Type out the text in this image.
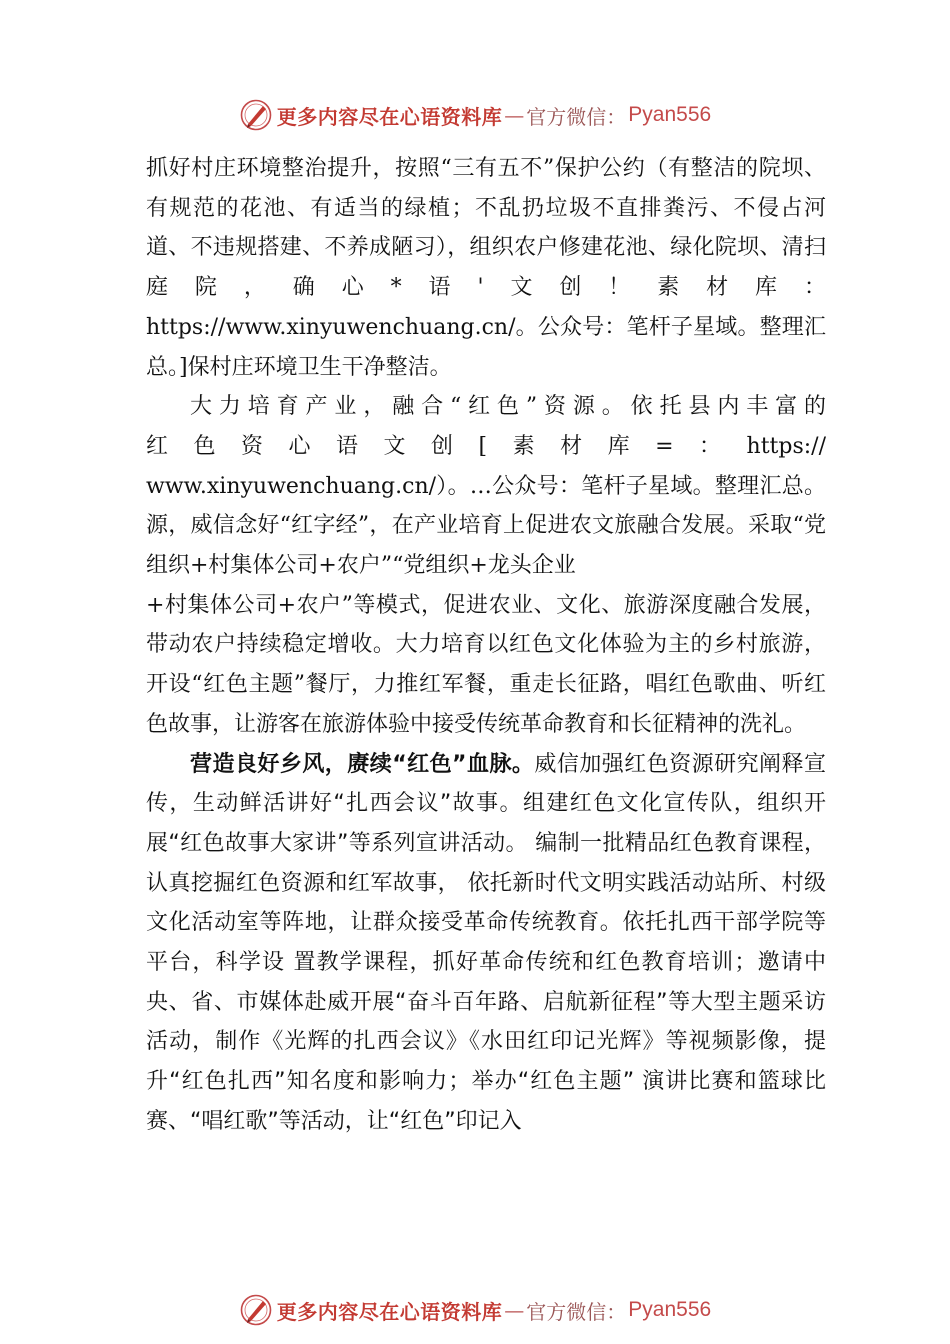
更多内容尽在心语资料库 — 官方微信： Pyan556

抓好村庄环境整治提升，按照“三有五不”保护公约（有整洁的院坝、有规范的花池、有适当的绿植；不乱扔垃圾不直排粪污、不侵占河道、不违规搭建、不养成陋习），组织农户修建花池、绿化院坝、清扫庭院，确心*语'文创！素材库：https://www.xinyuwenchuang.cn/。公众号：笔杆子星域。整理汇总。]保村庄环境卫生干净整洁。

大力培育产业，融合“红色”资源。依托县内丰富的

红色资心语文创[素材库=：https://

www.xinyuwenchuang.cn/）。…公众号：笔杆子星域。整理汇总。源，威信念好“红字经”，在产业培育上促进农文旅融合发展。采取“党组织+村集体公司+农户”“党组织+龙头企业

+村集体公司+农户”等模式，促进农业、文化、旅游深度融合发展，带动农户持续稳定增收。大力培育以红色文化体验为主的乡村旅游，开设“红色主题”餐厅，力推红军餐，重走长征路，唱红色歌曲、听红色故事，让游客在旅游体验中接受传统革命教育和长征精神的洗礼。

营造良好乡风，赓续“红色”血脉。威信加强红色资源研究阐释宣传，生动鲜活讲好“扎西会议”故事。组建红色文化宣传队，组织开展“红色故事大家讲”等系列宣讲活动。 编制一批精品红色教育课程，认真挖掘红色资源和红军故事， 依托新时代文明实践活动站所、村级文化活动室等阵地，让群众接受革命传统教育。依托扎西干部学院等平台，科学设 置教学课程，抓好革命传统和红色教育培训；邀请中央、省、市媒体赴威开展“奋斗百年路、启航新征程”等大型主题采访活动，制作《光辉的扎西会议》《水田红印记光辉》等视频影像，提升“红色扎西”知名度和影响力；举办“红色主题” 演讲比赛和篮球比赛、“唱红歌”等活动，让“红色”印记入

更多内容尽在心语资料库 — 官方微信： Pyan556
